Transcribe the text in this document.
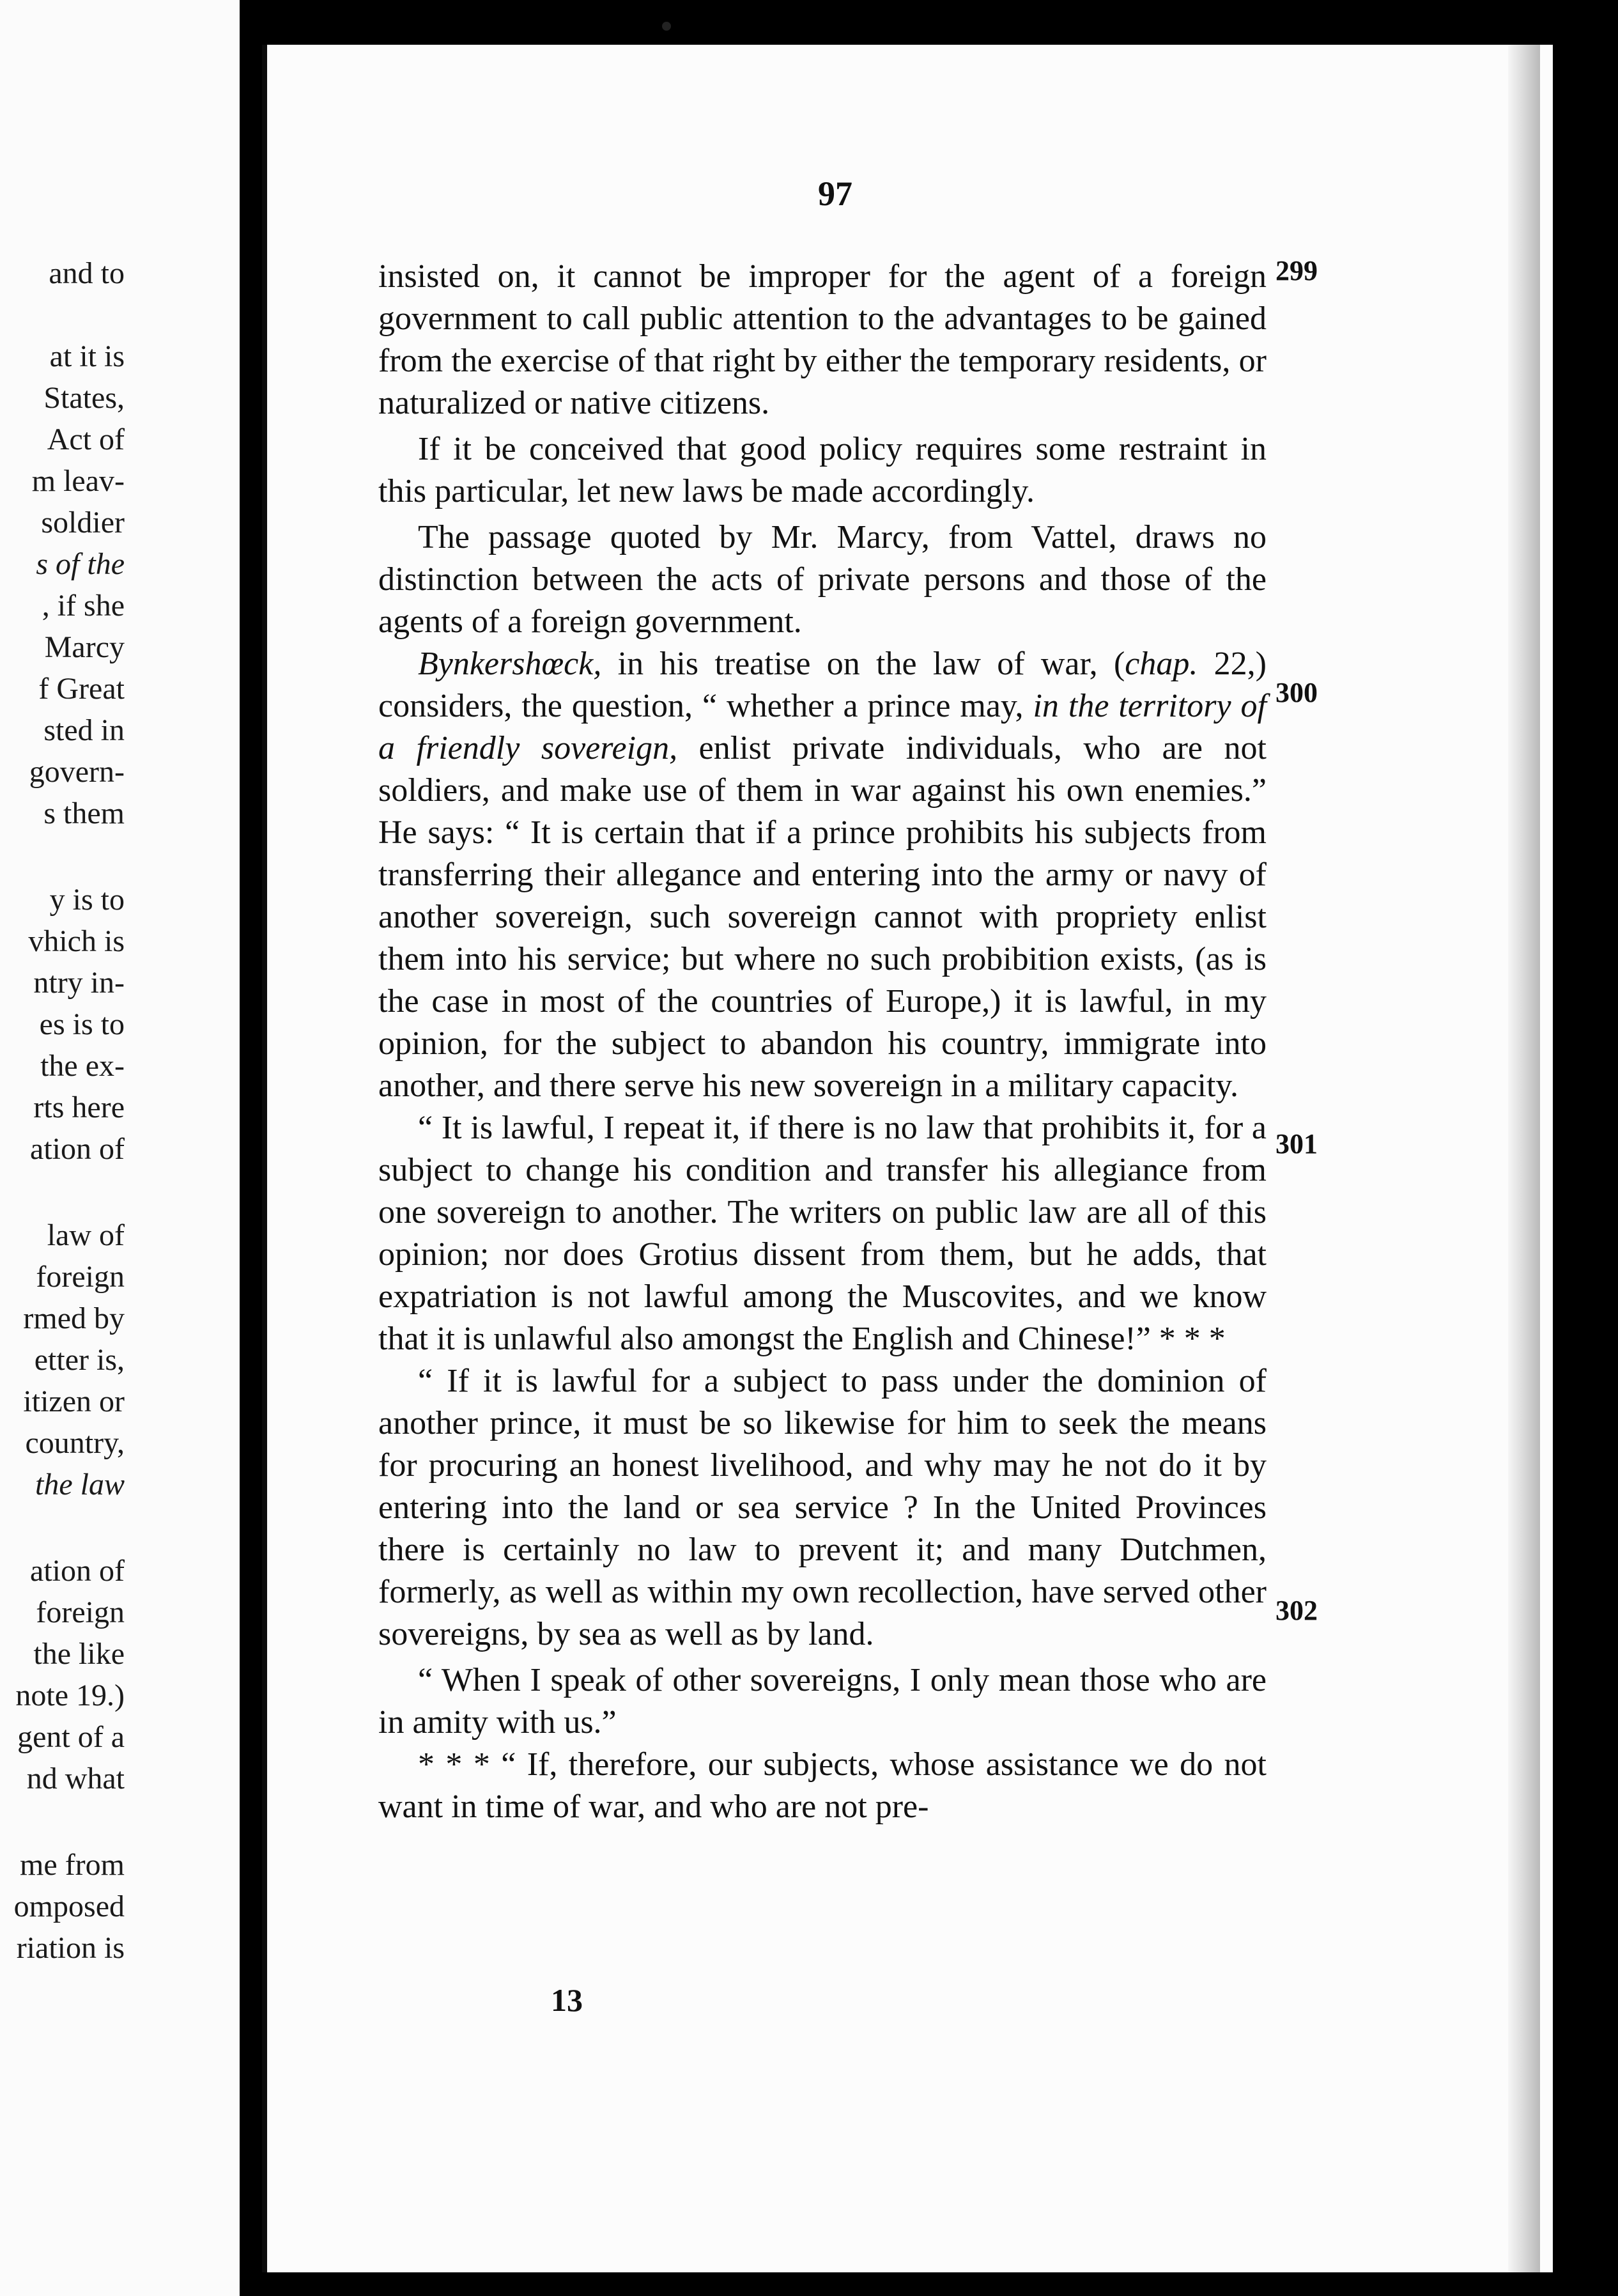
and to
at it is
States,
Act of
m leav-
soldier
s of the
, if she
Marcy
f Great
sted in
govern-
s them
y is to
vhich is
ntry in-
es is to
the ex-
rts here
ation of
law of
foreign
rmed by
etter is,
itizen or
country,
the law
ation of
foreign
the like
note 19.)
gent of a
nd what
me from
omposed
riation is
97
299
300
301
302

insisted on, it cannot be improper for the agent of a foreign government to call public attention to the advantages to be gained from the exercise of that right by either the temporary residents, or naturalized or native citizens.

If it be conceived that good policy requires some restraint in this particular, let new laws be made accordingly.

The passage quoted by Mr. Marcy, from Vattel, draws no distinction between the acts of private persons and those of the agents of a foreign government.

Bynkershœck, in his treatise on the law of war, (chap. 22,) considers, the question, “ whether a prince may, in the territory of a friendly sovereign, enlist private individuals, who are not soldiers, and make use of them in war against his own enemies.” He says: “ It is certain that if a prince prohibits his subjects from transferring their allegance and entering into the army or navy of another sovereign, such sovereign cannot with propriety enlist them into his service; but where no such probibition exists, (as is the case in most of the countries of Europe,) it is lawful, in my opinion, for the subject to abandon his country, immigrate into another, and there serve his new sovereign in a military capacity.

“ It is lawful, I repeat it, if there is no law that prohibits it, for a subject to change his condition and transfer his allegiance from one sovereign to another. The writers on public law are all of this opinion; nor does Grotius dissent from them, but he adds, that expatriation is not lawful among the Muscovites, and we know that it is unlawful also amongst the English and Chinese!” * * *

“ If it is lawful for a subject to pass under the dominion of another prince, it must be so likewise for him to seek the means for procuring an honest livelihood, and why may he not do it by entering into the land or sea service ? In the United Provinces there is certainly no law to prevent it; and many Dutchmen, formerly, as well as within my own recollection, have served other sovereigns, by sea as well as by land.

“ When I speak of other sovereigns, I only mean those who are in amity with us.”

* * * “ If, therefore, our subjects, whose assistance we do not want in time of war, and who are not pre-

13
